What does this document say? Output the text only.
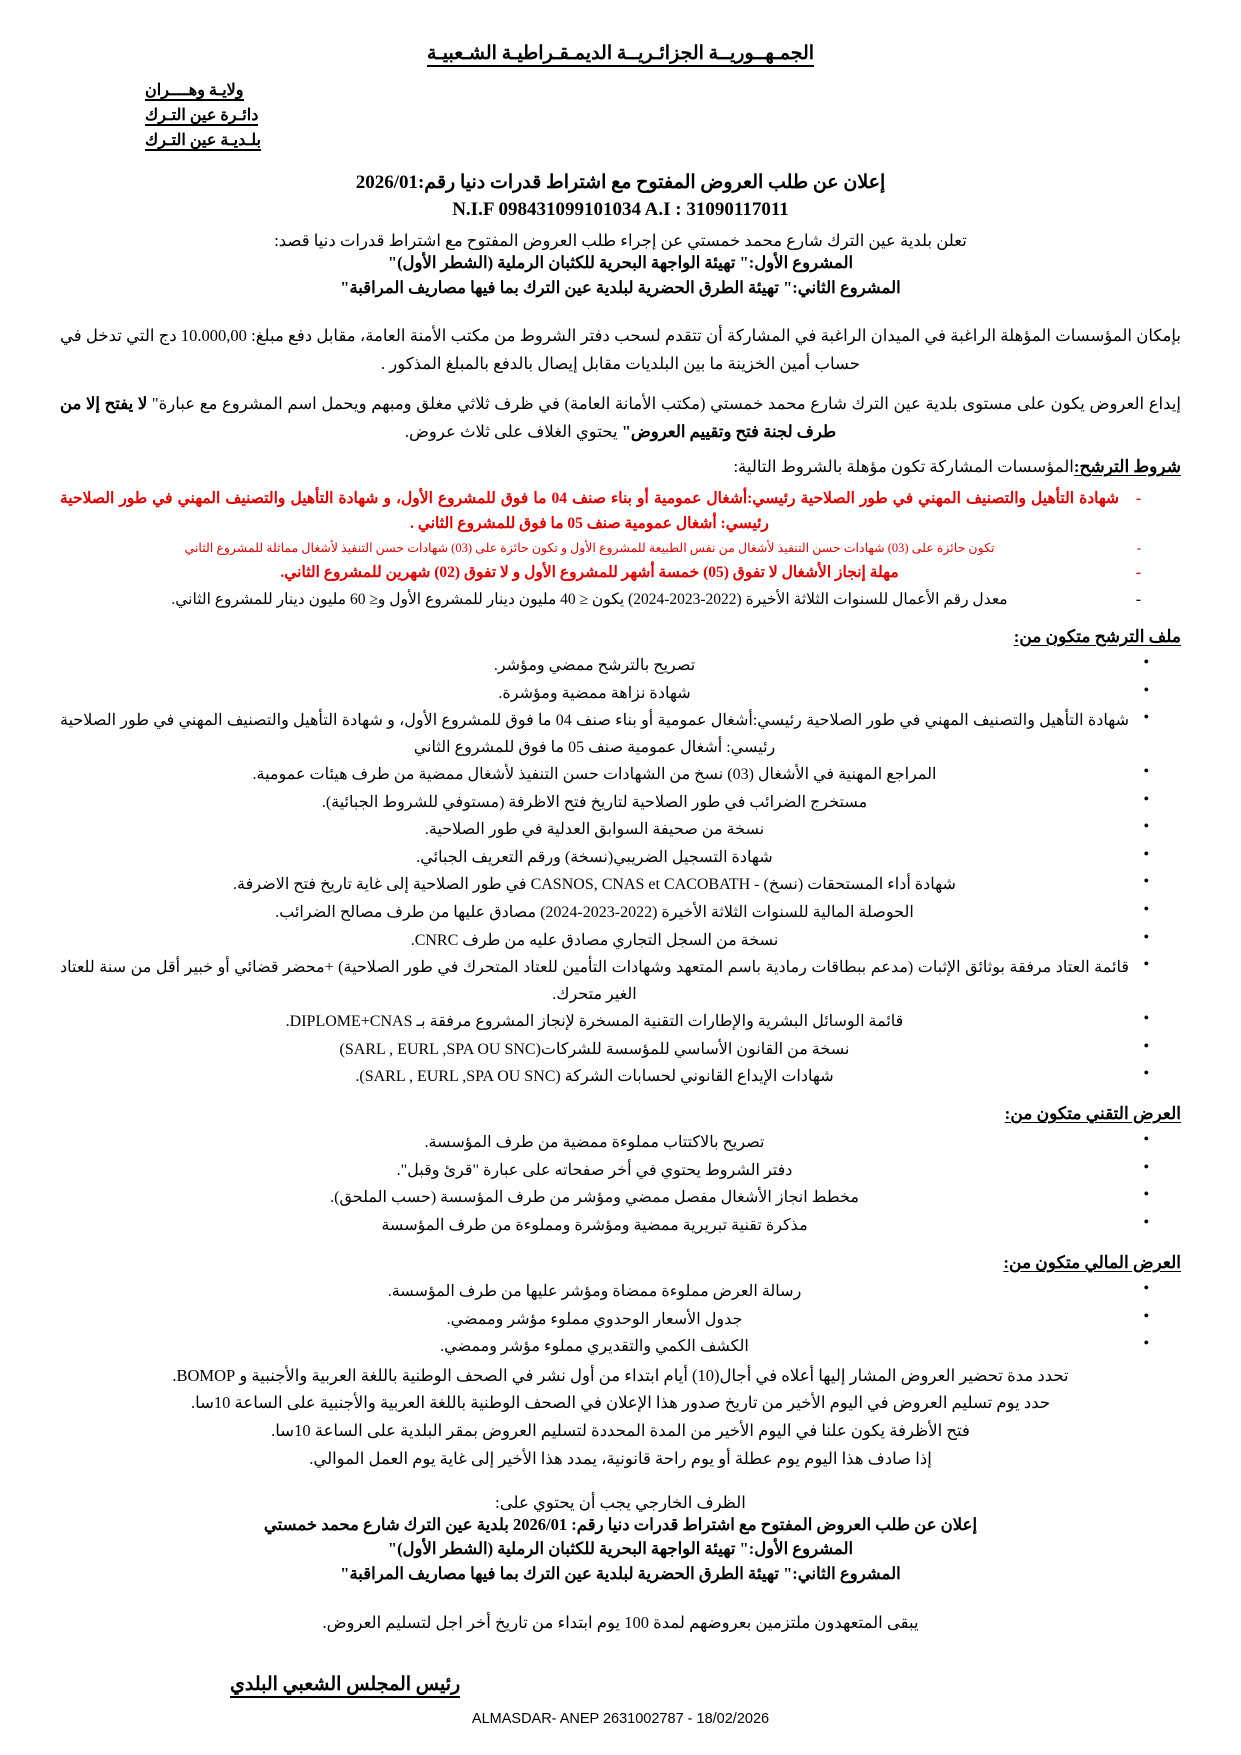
الجمـهــوريــة الجزائـريــة الديمـقـراطيـة الشـعبيـة
ولايـة وهــــران
دائـرة عين التـرك
بلـديـة عين التـرك
إعلان عن طلب العروض المفتوح مع اشتراط قدرات دنيا رقم:2026/01
N.I.F 098431099101034 A.I : 31090117011
تعلن بلدية عين الترك شارع محمد خمستي عن إجراء طلب العروض المفتوح مع اشتراط قدرات دنيا قصد:
المشروع الأول:" تهيئة الواجهة البحرية للكثبان الرملية (الشطر الأول)"
المشروع الثاني:" تهيئة الطرق الحضرية لبلدية عين الترك بما فيها مصاريف المراقبة"
بإمكان المؤسسات المؤهلة الراغبة في الميدان الراغبة في المشاركة أن تتقدم لسحب دفتر الشروط من مكتب الأمنة العامة، مقابل دفع مبلغ: 10.000,00 دج التي تدخل في حساب أمين الخزينة ما بين البلديات مقابل إيصال بالدفع بالمبلغ المذكور .
إيداع العروض يكون على مستوى بلدية عين الترك شارع محمد خمستي (مكتب الأمانة العامة) في ظرف ثلاثي مغلق ومبهم ويحمل اسم المشروع مع عبارة" لا يفتح إلا من طرف لجنة فتح وتقييم العروض" يحتوي الغلاف على ثلاث عروض.
شروط الترشح:المؤسسات المشاركة تكون مؤهلة بالشروط التالية:
- شهادة التأهيل والتصنيف المهني في طور الصلاحية رئيسي:أشغال عمومية أو بناء صنف 04 ما فوق للمشروع الأول، و شهادة التأهيل والتصنيف المهني في طور الصلاحية رئيسي: أشغال عمومية صنف 05 ما فوق للمشروع الثاني .
- تكون حائزة على (03) شهادات حسن التنفيذ لأشغال من نفس الطبيعة للمشروع الأول و تكون حائزة على (03) شهادات حسن التنفيذ لأشغال مماثلة للمشروع الثاني
- مهلة إنجاز الأشغال لا تفوق (05) خمسة أشهر للمشروع الأول و لا تفوق (02) شهرين للمشروع الثاني.
- معدل رقم الأعمال للسنوات الثلاثة الأخيرة (2022-2023-2024) يكون ≤ 40 مليون دينار للمشروع الأول و≤ 60 مليون دينار للمشروع الثاني.
ملف الترشح متكون من:
● تصريح بالترشح ممضي ومؤشر.
● شهادة نزاهة ممضية ومؤشرة.
● شهادة التأهيل والتصنيف المهني في طور الصلاحية رئيسي:أشغال عمومية أو بناء صنف 04 ما فوق للمشروع الأول، و شهادة التأهيل والتصنيف المهني في طور الصلاحية رئيسي: أشغال عمومية صنف 05 ما فوق للمشروع الثاني
● المراجع المهنية في الأشغال (03) نسخ من الشهادات حسن التنفيذ لأشغال ممضية من طرف هيئات عمومية.
● مستخرج الضرائب في طور الصلاحية لتاريخ فتح الاظرفة (مستوفي للشروط الجبائية).
● نسخة من صحيفة السوابق العدلية في طور الصلاحية.
● شهادة التسجيل الضريبي(نسخة) ورقم التعريف الجبائي.
● شهادة أداء المستحقات (نسخ) - CASNOS, CNAS et CACOBATH في طور الصلاحية إلى غاية تاريخ فتح الاضرفة.
● الحوصلة المالية للسنوات الثلاثة الأخيرة (2022-2023-2024) مصادق عليها من طرف مصالح الضرائب.
● نسخة من السجل التجاري مصادق عليه من طرف CNRC.
● قائمة العتاد مرفقة بوثائق الإثبات (مدعم ببطاقات رمادية باسم المتعهد وشهادات التأمين للعتاد المتحرك في طور الصلاحية) +محضر قضائي أو خبير أقل من سنة للعتاد الغير متحرك.
● قائمة الوسائل البشرية والإطارات التقنية المسخرة لإنجاز المشروع مرفقة بـ DIPLOME+CNAS.
● نسخة من القانون الأساسي للمؤسسة للشركات(SARL , EURL ,SPA OU SNC)
● شهادات الإيداع القانوني لحسابات الشركة (SARL , EURL ,SPA OU SNC).
العرض التقني متكون من:
● تصريح بالاكتتاب مملوءة ممضية من طرف المؤسسة.
● دفتر الشروط يحتوي في أخر صفحاته على عبارة "قرئ وقبل".
● مخطط انجاز الأشغال مفصل ممضي ومؤشر من طرف المؤسسة (حسب الملحق).
● مذكرة تقنية تبريرية ممضية ومؤشرة ومملوءة من طرف المؤسسة
العرض المالي متكون من:
● رسالة العرض مملوءة ممضاة ومؤشر عليها من طرف المؤسسة.
● جدول الأسعار الوحدوي مملوء مؤشر وممضي.
● الكشف الكمي والتقديري مملوء مؤشر وممضي.
تحدد مدة تحضير العروض المشار إليها أعلاه في أجال(10) أيام ابتداء من أول نشر في الصحف الوطنية باللغة العربية والأجنبية و BOMOP.
حدد يوم تسليم العروض في اليوم الأخير من تاريخ صدور هذا الإعلان في الصحف الوطنية باللغة العربية والأجنبية على الساعة 10سا.
فتح الأظرفة يكون علنا في اليوم الأخير من المدة المحددة لتسليم العروض بمقر البلدية على الساعة 10سا.
إذا صادف هذا اليوم يوم عطلة أو يوم راحة قانونية، يمدد هذا الأخير إلى غاية يوم العمل الموالي.
الظرف الخارجي يجب أن يحتوي على:
إعلان عن طلب العروض المفتوح مع اشتراط قدرات دنيا رقم: 2026/01 بلدية عين الترك شارع محمد خمستي
المشروع الأول:" تهيئة الواجهة البحرية للكثبان الرملية (الشطر الأول)"
المشروع الثاني:" تهيئة الطرق الحضرية لبلدية عين الترك بما فيها مصاريف المراقبة"
يبقى المتعهدون ملتزمين بعروضهم لمدة 100 يوم ابتداء من تاريخ أخر اجل لتسليم العروض.
رئيس المجلس الشعبي البلدي
ALMASDAR- ANEP 2631002787 - 18/02/2026
